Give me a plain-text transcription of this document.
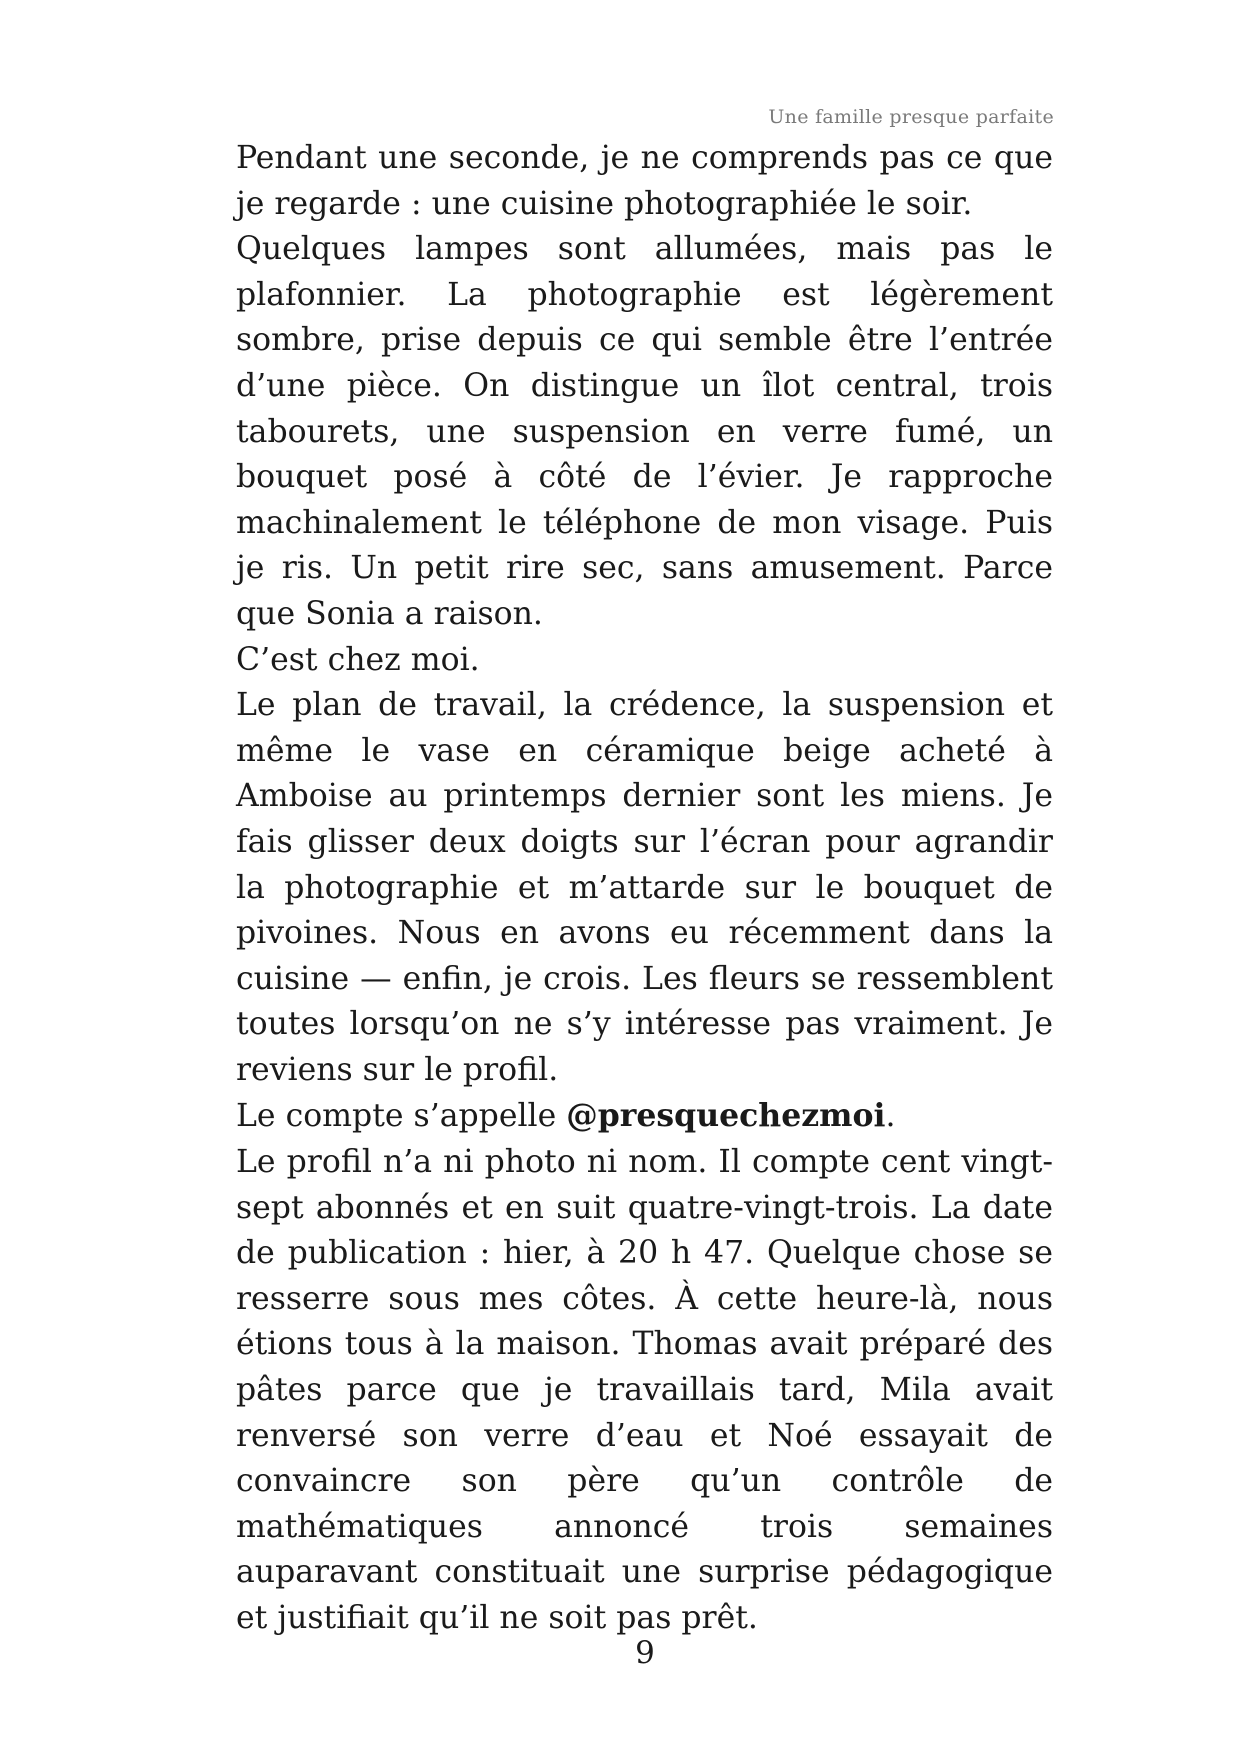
Une famille presque parfaite

Pendant une seconde, je ne comprends pas ce que je regarde : une cuisine photographiée le soir.

Quelques lampes sont allumées, mais pas le plafonnier. La photographie est légèrement sombre, prise depuis ce qui semble être l’entrée d’une pièce. On distingue un îlot central, trois tabourets, une suspension en verre fumé, un bouquet posé à côté de l’évier. Je rapproche machinalement le téléphone de mon visage. Puis je ris. Un petit rire sec, sans amusement. Parce que Sonia a raison.

C’est chez moi.

Le plan de travail, la crédence, la suspension et même le vase en céramique beige acheté à Amboise au printemps dernier sont les miens. Je fais glisser deux doigts sur l’écran pour agrandir la photographie et m’attarde sur le bouquet de pivoines. Nous en avons eu récemment dans la cuisine — enfin, je crois. Les fleurs se ressemblent toutes lorsqu’on ne s’y intéresse pas vraiment. Je reviens sur le profil.

Le compte s’appelle @presquechezmoi.

Le profil n’a ni photo ni nom. Il compte cent vingt-sept abonnés et en suit quatre-vingt-trois. La date de publication : hier, à 20 h 47. Quelque chose se resserre sous mes côtes. À cette heure-là, nous étions tous à la maison. Thomas avait préparé des pâtes parce que je travaillais tard, Mila avait renversé son verre d’eau et Noé essayait de convaincre son père qu’un contrôle de mathématiques annoncé trois semaines auparavant constituait une surprise pédagogique et justifiait qu’il ne soit pas prêt.

9
